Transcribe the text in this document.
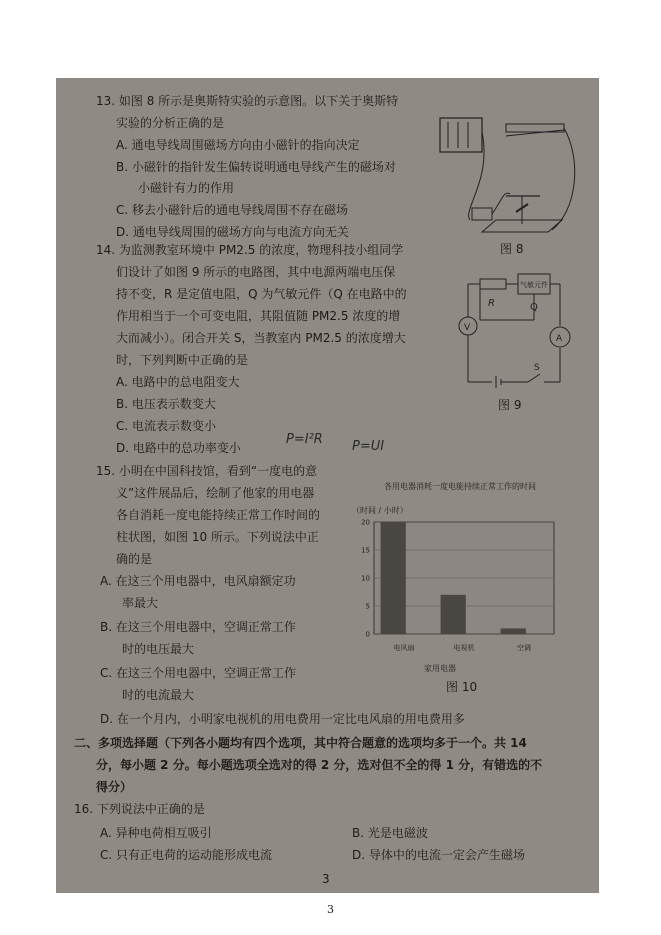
13. 如图 8 所示是奥斯特实验的示意图。以下关于奥斯特
实验的分析正确的是
A. 通电导线周围磁场方向由小磁针的指向决定
B. 小磁针的指针发生偏转说明通电导线产生的磁场对
小磁针有力的作用
C. 移去小磁针后的通电导线周围不存在磁场
D. 通电导线周围的磁场方向与电流方向无关
图 8
14. 为监测教室环境中 PM2.5 的浓度，物理科技小组同学
们设计了如图 9 所示的电路图，其中电源两端电压保
持不变，R 是定值电阻，Q 为气敏元件（Q 在电路中的
作用相当于一个可变电阻，其阻值随 PM2.5 浓度的增
大而减小）。闭合开关 S，当教室内 PM2.5 的浓度增大
时，下列判断中正确的是
A. 电路中的总电阻变大
B. 电压表示数变大
C. 电流表示数变小
D. 电路中的总功率变小
R	Q
气敏元件
V
A
S
图 9
P=I²R P=UI
15. 小明在中国科技馆，看到“一度电的意
义”这件展品后，绘制了他家的用电器
各自消耗一度电能持续正常工作时间的
柱状图，如图 10 所示。下列说法中正
确的是
A. 在这三个用电器中，电风扇额定功
率最大
B. 在这三个用电器中，空调正常工作
时的电压最大
C. 在这三个用电器中，空调正常工作
时的电流最大
D. 在一个月内，小明家电视机的用电费用一定比电风扇的用电费用多
各用电器消耗一度电能持续正常工作的时间
（时间 / 小时）
0
5
10
15
20
电风扇	电视机	空调
家用电器
图 10
二、多项选择题（下列各小题均有四个选项，其中符合题意的选项均多于一个。共 14
分，每小题 2 分。每小题选项全选对的得 2 分，选对但不全的得 1 分，有错选的不
得分）
16. 下列说法中正确的是
A. 异种电荷相互吸引	B. 光是电磁波
C. 只有正电荷的运动能形成电流	D. 导体中的电流一定会产生磁场
3
3
